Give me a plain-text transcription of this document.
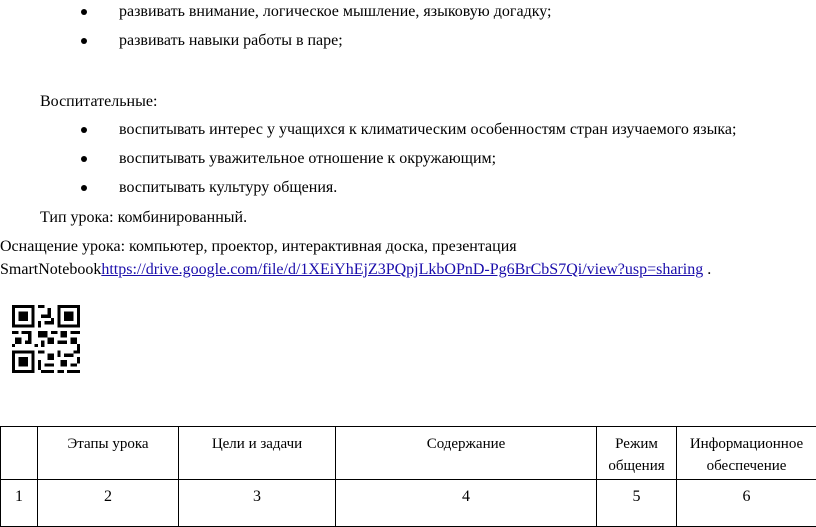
развивать внимание, логическое мышление, языковую догадку;
развивать навыки работы в паре;
Воспитательные:
воспитывать интерес у учащихся к климатическим особенностям стран изучаемого языка;
воспитывать уважительное отношение к окружающим;
воспитывать культуру общения.
Тип урока: комбинированный.
Оснащение урока: компьютер, проектор, интерактивная доска, презентация
SmartNotebookhttps://drive.google.com/file/d/1XEiYhEjZ3PQpjLkbOPnD-Pg6BrCbS7Qi/view?usp=sharing .
	Этапы урока	Цели и задачи	Содержание	Режим общения	Информационное обеспечение
1	2	3	4	5	6
